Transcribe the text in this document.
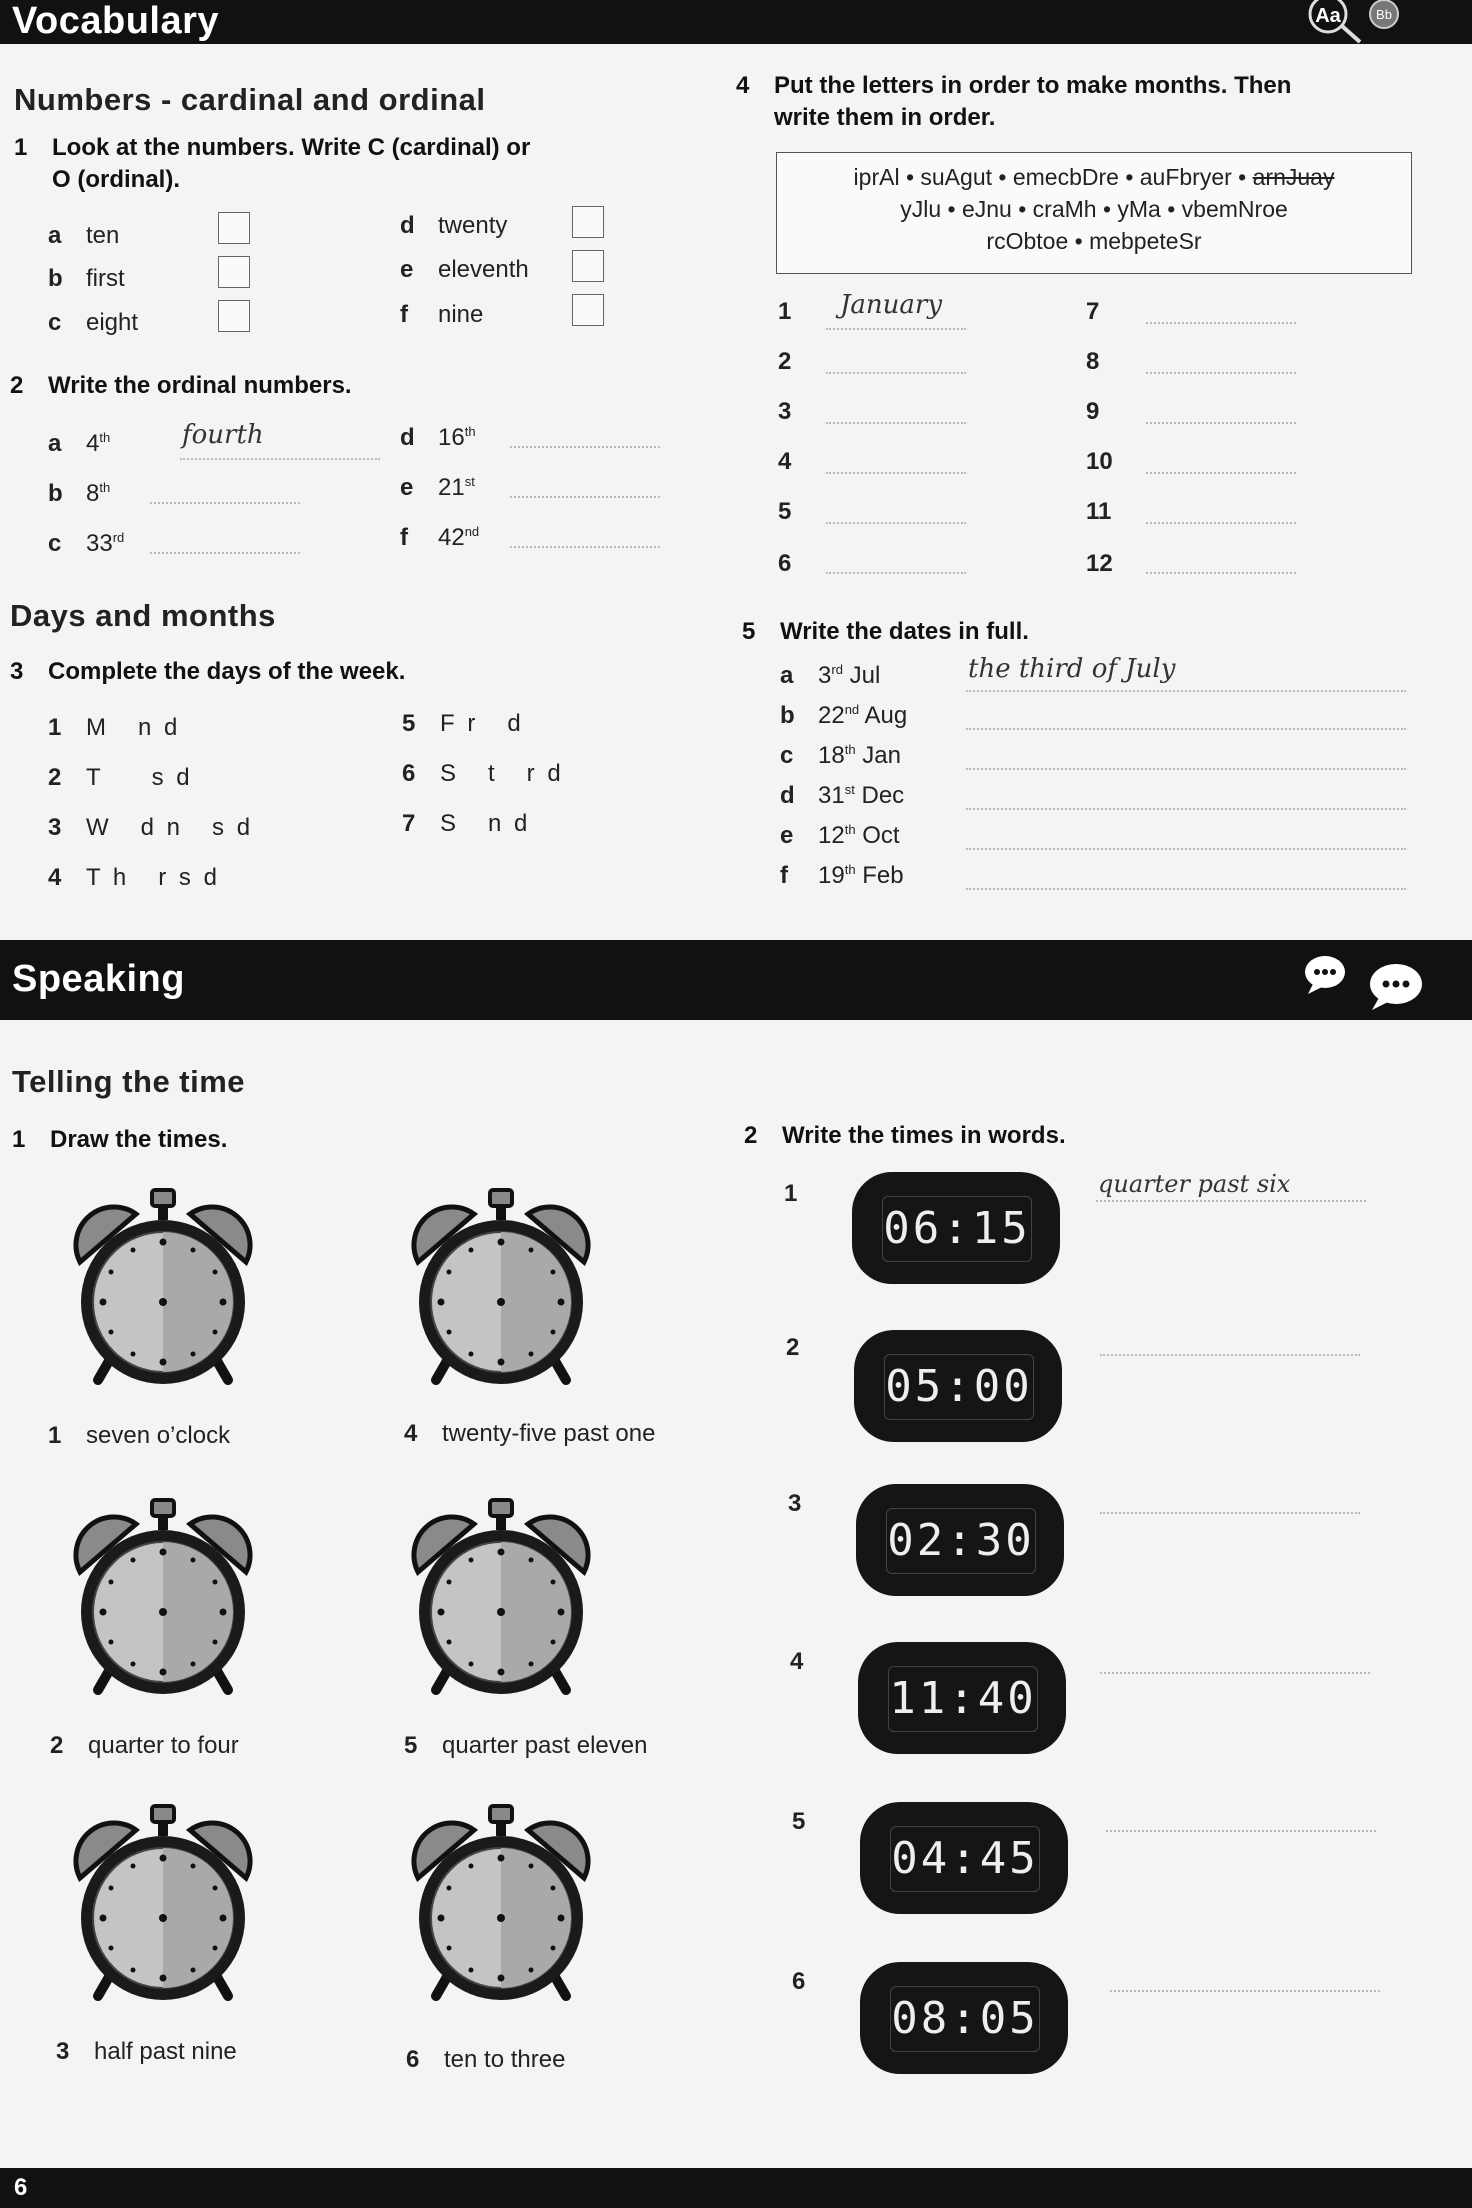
Vocabulary	Aa	Bb
Numbers - cardinal and ordinal
1 Look at the numbers. Write C (cardinal) or
O (ordinal).
a ten
b first
c eight
d twenty
e eleventh
f nine
2 Write the ordinal numbers.
a 4th	fourth
b 8th
c 33rd
d 16th
e 21st
f 42nd
Days and months
3 Complete the days of the week.
1 M   n d
2 T     s d
3 W   d n   s d
4 T h   r s d
5 F r   d
6 S   t   r d
7 S   n d
4 Put the letters in order to make months. Then
write them in order.
iprAl • suAgut • emecbDre • auFbryer • arnJuay
yJlu • eJnu • craMh • yMa • vbemNroe
rcObtoe • mebpeteSr
1 January
2
3
4
5
6
7
8
9
10
11
12
5 Write the dates in full.
a 3rd Jul	the third of July
b 22nd Aug
c 18th Jan
d 31st Dec
e 12th Oct
f 19th Feb
Speaking
Telling the time
1 Draw the times.	2 Write the times in words.
1 seven o’clock
2 quarter to four
3 half past nine
4 twenty-five past one
5 quarter past eleven
6 ten to three
1
06:15
quarter past six
2
05:00
3
02:30
4
11:40
5
04:45
6
08:05
6
